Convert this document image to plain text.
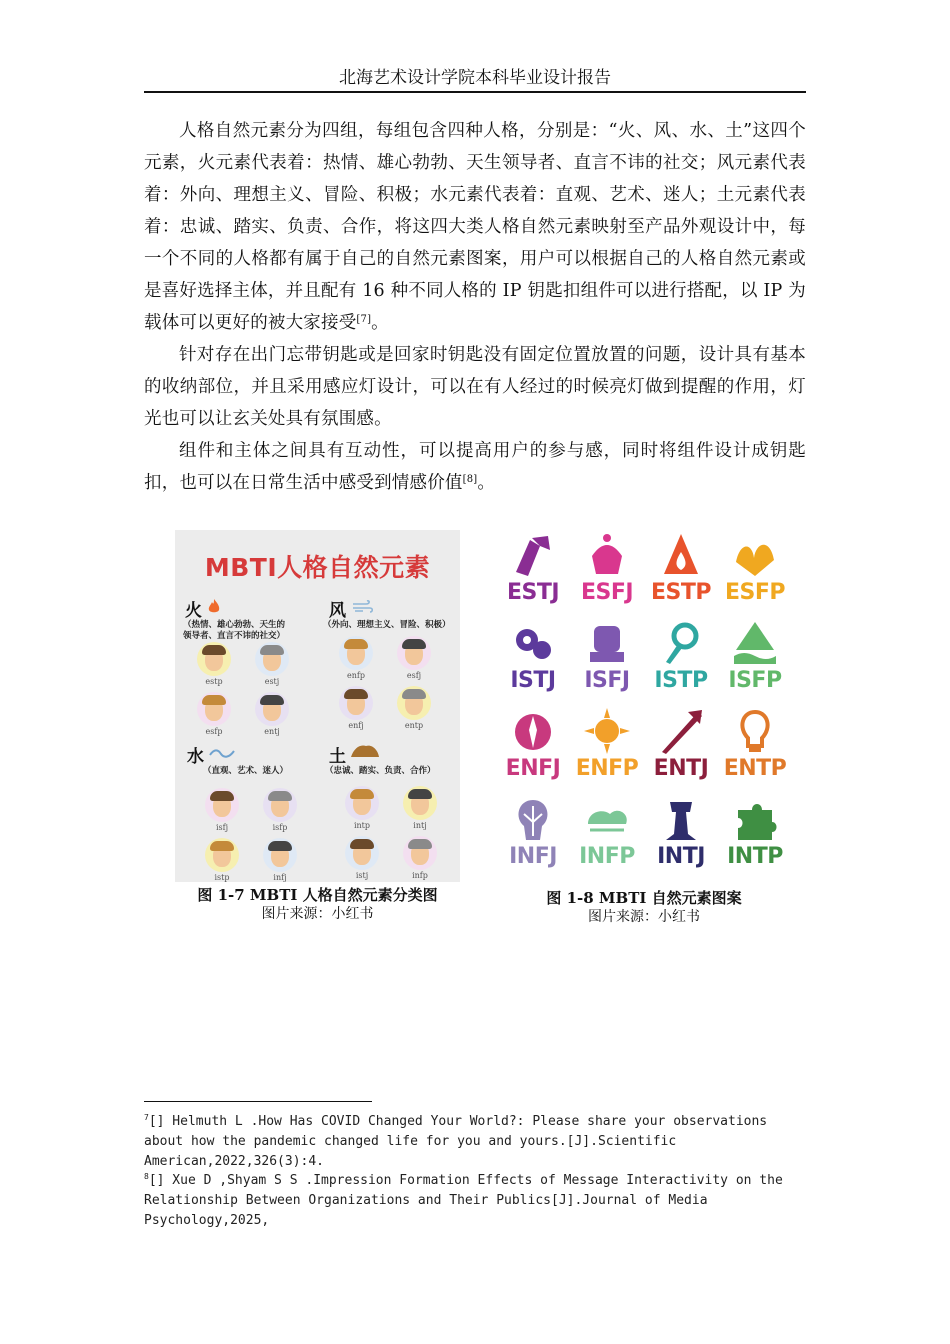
北海艺术设计学院本科毕业设计报告

人格自然元素分为四组，每组包含四种人格，分别是：“火、风、水、土”这四个元素，火元素代表着：热情、雄心勃勃、天生领导者、直言不讳的社交；风元素代表着：外向、理想主义、冒险、积极；水元素代表着：直观、艺术、迷人；土元素代表着：忠诚、踏实、负责、合作，将这四大类人格自然元素映射至产品外观设计中，每一个不同的人格都有属于自己的自然元素图案，用户可以根据自己的人格自然元素或是喜好选择主体，并且配有 16 种不同人格的 IP 钥匙扣组件可以进行搭配，以 IP 为载体可以更好的被大家接受[7]。

针对存在出门忘带钥匙或是回家时钥匙没有固定位置放置的问题，设计具有基本的收纳部位，并且采用感应灯设计，可以在有人经过的时候亮灯做到提醒的作用，灯光也可以让玄关处具有氛围感。

组件和主体之间具有互动性，可以提高用户的参与感，同时将组件设计成钥匙扣，也可以在日常生活中感受到情感价值[8]。

MBTI人格自然元素
火
（热情、雄心勃勃、天生的
领导者、直言不讳的社交）
风
（外向、理想主义、冒险、积极）
水
（直观、艺术、迷人）
土
（忠诚、踏实、负责、合作）
estp	estj
esfp	entj
enfp	esfj
enfj	entp
isfj	isfp
istp	infj
intp	intj
istj	infp
图 1-7 MBTI 人格自然元素分类图
图片来源：小红书
ESTJ ESFJ ESTP ESFP
ISTJ	ISFJ	ISTP ISFP
ENFJ ENFP ENTJ ENTP
INFJ	INFP	INTJ	INTP
图 1-8 MBTI 自然元素图案
图片来源：小红书

$^7$[] Helmuth L .How Has COVID Changed Your World?: Please share your observations about how the pandemic changed life for you and yours.[J].Scientific American,2022,326(3):4.

$^8$[] Xue D ,Shyam S S .Impression Formation Effects of Message Interactivity on the Relationship Between Organizations and Their Publics[J].Journal of Media Psychology,2025,
